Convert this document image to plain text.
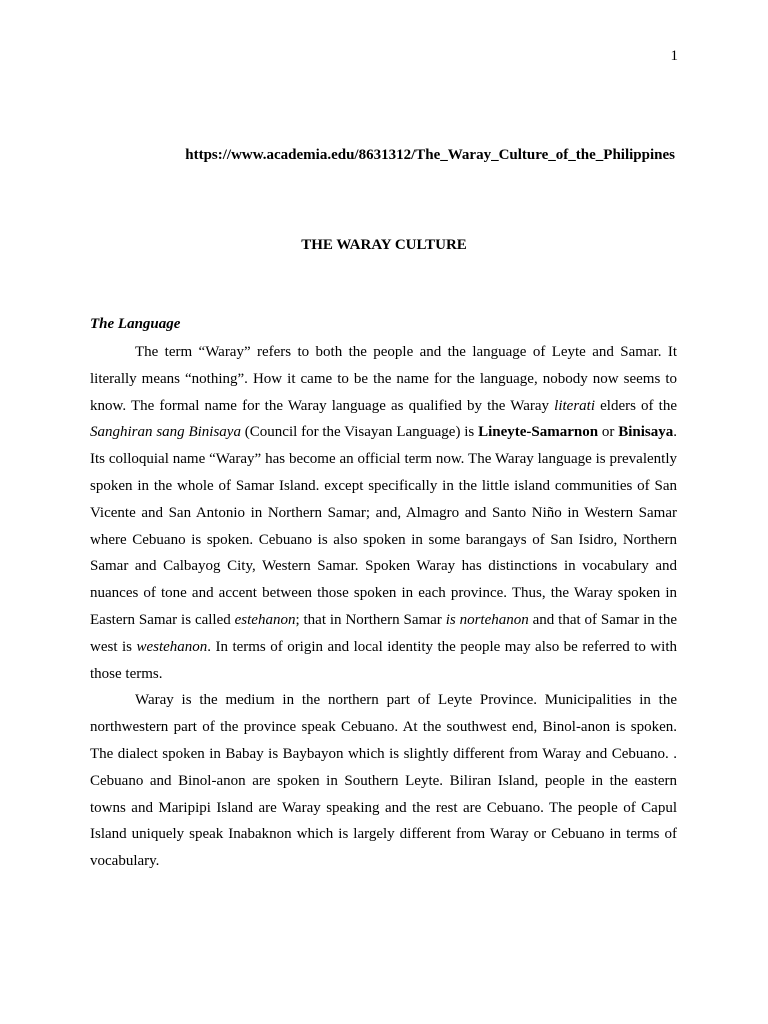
1
https://www.academia.edu/8631312/The_Waray_Culture_of_the_Philippines
THE WARAY CULTURE
The Language

The term “Waray” refers to both the people and the language of Leyte and Samar. It literally means “nothing”. How it came to be the name for the language, nobody now seems to know. The formal name for the Waray language as qualified by the Waray literati elders of the Sanghiran sang Binisaya (Council for the Visayan Language) is Lineyte-Samarnon or Binisaya. Its colloquial name “Waray” has become an official term now. The Waray language is prevalently spoken in the whole of Samar Island. except specifically in the little island communities of San Vicente and San Antonio in Northern Samar; and, Almagro and Santo Niño in Western Samar where Cebuano is spoken. Cebuano is also spoken in some barangays of San Isidro, Northern Samar and Calbayog City, Western Samar. Spoken Waray has distinctions in vocabulary and nuances of tone and accent between those spoken in each province. Thus, the Waray spoken in Eastern Samar is called estehanon; that in Northern Samar is nortehanon and that of Samar in the west is westehanon. In terms of origin and local identity the people may also be referred to with those terms.

Waray is the medium in the northern part of Leyte Province. Municipalities in the northwestern part of the province speak Cebuano. At the southwest end, Binol-anon is spoken. The dialect spoken in Babay is Baybayon which is slightly different from Waray and Cebuano. . Cebuano and Binol-anon are spoken in Southern Leyte. Biliran Island, people in the eastern towns and Maripipi Island are Waray speaking and the rest are Cebuano. The people of Capul Island uniquely speak Inabaknon which is largely different from Waray or Cebuano in terms of vocabulary.
